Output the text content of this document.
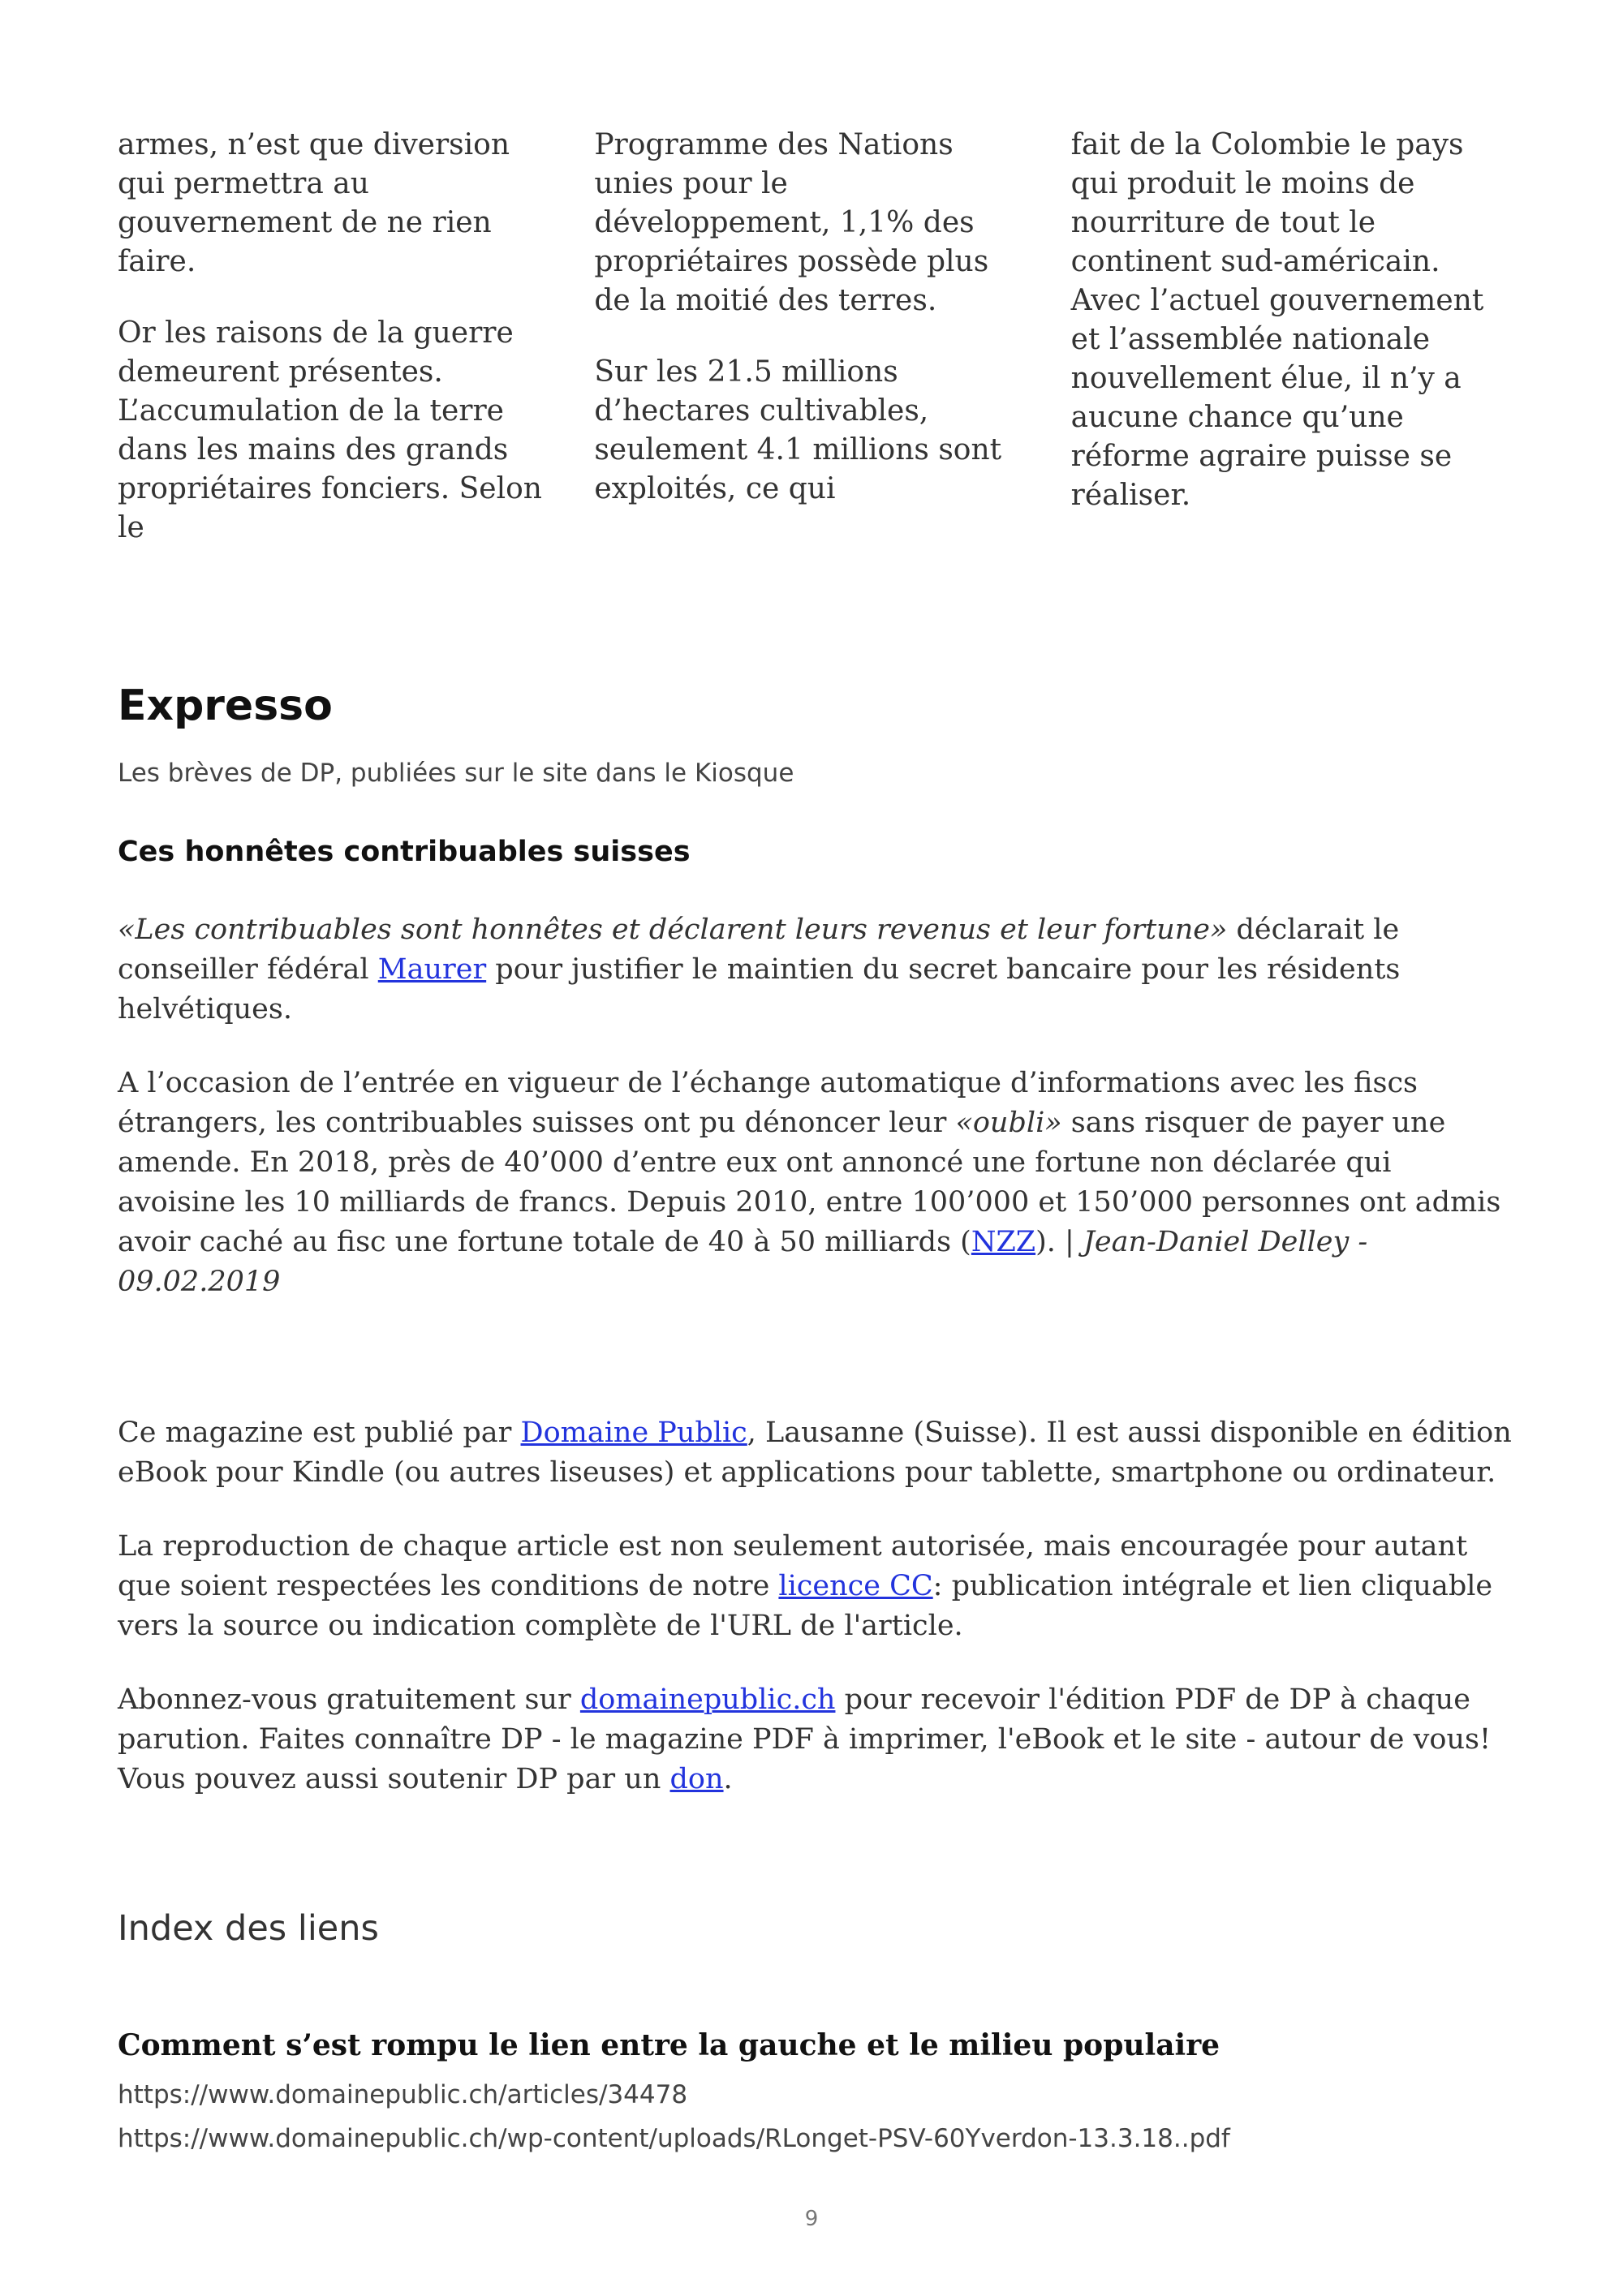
armes, n’est que diversion qui permettra au gouvernement de ne rien faire.

Or les raisons de la guerre demeurent présentes. L’accumulation de la terre dans les mains des grands propriétaires fonciers. Selon le

Programme des Nations unies pour le développement, 1,1% des propriétaires possède plus de la moitié des terres.

Sur les 21.5 millions d’hectares cultivables, seulement 4.1 millions sont exploités, ce qui

fait de la Colombie le pays qui produit le moins de nourriture de tout le continent sud-américain. Avec l’actuel gouvernement et l’assemblée nationale nouvellement élue, il n’y a aucune chance qu’une réforme agraire puisse se réaliser.

Expresso

Les brèves de DP, publiées sur le site dans le Kiosque

Ces honnêtes contribuables suisses

«Les contribuables sont honnêtes et déclarent leurs revenus et leur fortune» déclarait le conseiller fédéral Maurer pour justifier le maintien du secret bancaire pour les résidents helvétiques.

A l’occasion de l’entrée en vigueur de l’échange automatique d’informations avec les fiscs étrangers, les contribuables suisses ont pu dénoncer leur «oubli» sans risquer de payer une amende. En 2018, près de 40’000 d’entre eux ont annoncé une fortune non déclarée qui avoisine les 10 milliards de francs. Depuis 2010, entre 100’000 et 150’000 personnes ont admis avoir caché au fisc une fortune totale de 40 à 50 milliards (NZZ). | Jean-Daniel Delley - 09.02.2019

Ce magazine est publié par Domaine Public, Lausanne (Suisse). Il est aussi disponible en édition eBook pour Kindle (ou autres liseuses) et applications pour tablette, smartphone ou ordinateur.

La reproduction de chaque article est non seulement autorisée, mais encouragée pour autant que soient respectées les conditions de notre licence CC: publication intégrale et lien cliquable vers la source ou indication complète de l'URL de l'article.

Abonnez-vous gratuitement sur domainepublic.ch pour recevoir l'édition PDF de DP à chaque parution. Faites connaître DP - le magazine PDF à imprimer, l'eBook et le site - autour de vous! Vous pouvez aussi soutenir DP par un don.

Index des liens
Comment s’est rompu le lien entre la gauche et le milieu populaire
https://www.domainepublic.ch/articles/34478
https://www.domainepublic.ch/wp-content/uploads/RLonget-PSV-60Yverdon-13.3.18..pdf
9
